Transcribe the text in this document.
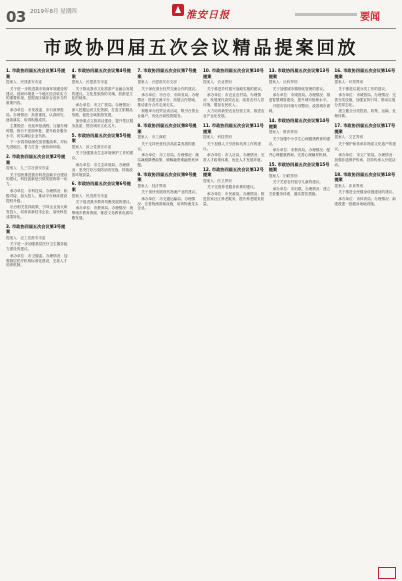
03 2019年8月 星期四	淮安日报	要闻
市政协四届五次会议精品提案回放
1. 市政协四届五次会议第1号提案

提案人：民建淮安市委

关于进一步推进我市营商环境建设的建议。营商环境是一个地区经济软实力的重要体现，是提高区域综合竞争力的重要内容。

承办单位：市发改委、市行政审批局。办理情况：高度重视，认真研究，逐条落实，取得积极成效。

主要做法：优化审批流程，压缩办理时限，推行不见面审批，提升政务服务水平，切实减轻企业负担。

下一步将持续深化放管服改革，对标先进地区，着力打造一流营商环境。

2. 市政协四届五次会议第2号提案

提案人：九三学社淮安市委

关于加快推进我市科技创新平台建设的建议。科技创新是引领发展的第一动力。

承办单位：市科技局。办理情况：积极对接，加大投入，推动平台载体建设提档升级。

出台相关扶持政策，引导企业加大研发投入，培育高新技术企业，加快科技成果转化。

3. 市政协四届五次会议第3号提案

提案人：农工党淮安市委

关于进一步加强基层医疗卫生服务能力建设的建议。

承办单位：市卫健委。办理情况：加强基层医疗机构标准化建设，完善人才培养机制。

4. 市政协四届五次会议第4号提案

提案人：民盟淮安市委

关于推动我市文化旅游产业融合发展的建议。文化是旅游的灵魂，旅游是文化的载体。

承办单位：市文广旅局。办理情况：深入挖掘运河文化资源，打造文旅精品线路，促进全域旅游发展。

加快重点文旅项目建设，提升景区服务品质，擦亮城市文化名片。

5. 市政协四届五次会议第5号提案

提案人：致公党淮安市委

关于加强我市生态环境保护工作的建议。

承办单位：市生态环境局。办理情况：坚决打好污染防治攻坚战，持续改善环境质量。

6. 市政协四届五次会议第6号提案

提案人：民进淮安市委

关于促进我市教育均衡发展的建议。

承办单位：市教育局。办理情况：统筹城乡教育资源，推进义务教育优质均衡发展。

7. 市政协四届五次会议第7号提案

提案人：台盟淮安市支部

关于深化淮台经贸交流合作的建议。

承办单位：市台办、市商务局。办理情况：搭建交流平台，拓展合作领域，推动淮台合作走深走实。

积极举办经贸洽谈活动，吸引台资企业落户，优化台商投资服务。

8. 市政协四届五次会议第8号提案

提案人：市工商联

关于支持民营经济高质量发展的建议。

承办单位：市工信局。办理情况：落实减税降费政策，缓解融资难融资贵问题。

9. 市政协四届五次会议第9号提案

提案人：经济界别

关于加快发展现代物流产业的建议。

承办单位：市交通运输局。办理情况：完善物流基础设施，培育物流龙头企业。

10. 市政协四届五次会议第10号提案

提案人：农业界别

关于推进乡村振兴战略实施的建议。

承办单位：市农业农村局。办理情况：发展现代高效农业，改善农村人居环境，增加农民收入。

大力培育新型农业经营主体，推进农业产业化发展。

11. 市政协四届五次会议第11号提案

提案人：科技界别

关于加强人才引进和培养工作的建议。

承办单位：市人社局。办理情况：完善人才政策体系，优化人才发展环境。

12. 市政协四届五次会议第12号提案

提案人：医卫界别

关于完善养老服务体系的建议。

承办单位：市民政局。办理情况：推进居家社区养老服务，提升养老服务质量。

13. 市政协四届五次会议第13号提案

提案人：社科界别

关于加强城市精细化管理的建议。

承办单位：市城管局。办理情况：推进智慧城管建设，提升城市管理水平。

开展市容环境专项整治，改善城市面貌。

14. 市政协四届五次会议第14号提案

提案人：教育界别

关于加强中小学生心理健康教育的建议。

承办单位：市教育局。办理情况：配齐心理健康教师，完善心理辅导机制。

15. 市政协四届五次会议第15号提案

提案人：妇联界别

关于关爱农村留守儿童的建议。

承办单位：市妇联。办理情况：建立关爱服务体系，落实帮扶措施。

16. 市政协四届五次会议第16号提案

提案人：环资界别

关于推进垃圾分类工作的建议。

承办单位：市城管局。办理情况：完善分类设施，加强宣传引导，推动垃圾分类常态化。

建立健全分类投放、收集、运输、处理体系。

17. 市政协四届五次会议第17号提案

提案人：文艺界别

关于保护和传承非物质文化遗产的建议。

承办单位：市文广旅局。办理情况：加强非遗保护传承，扶持传承人开展活动。

18. 市政协四届五次会议第18号提案

提案人：体育界别

关于推进全民健身设施建设的建议。

承办单位：市体育局。办理情况：新建改建一批健身场地设施。
